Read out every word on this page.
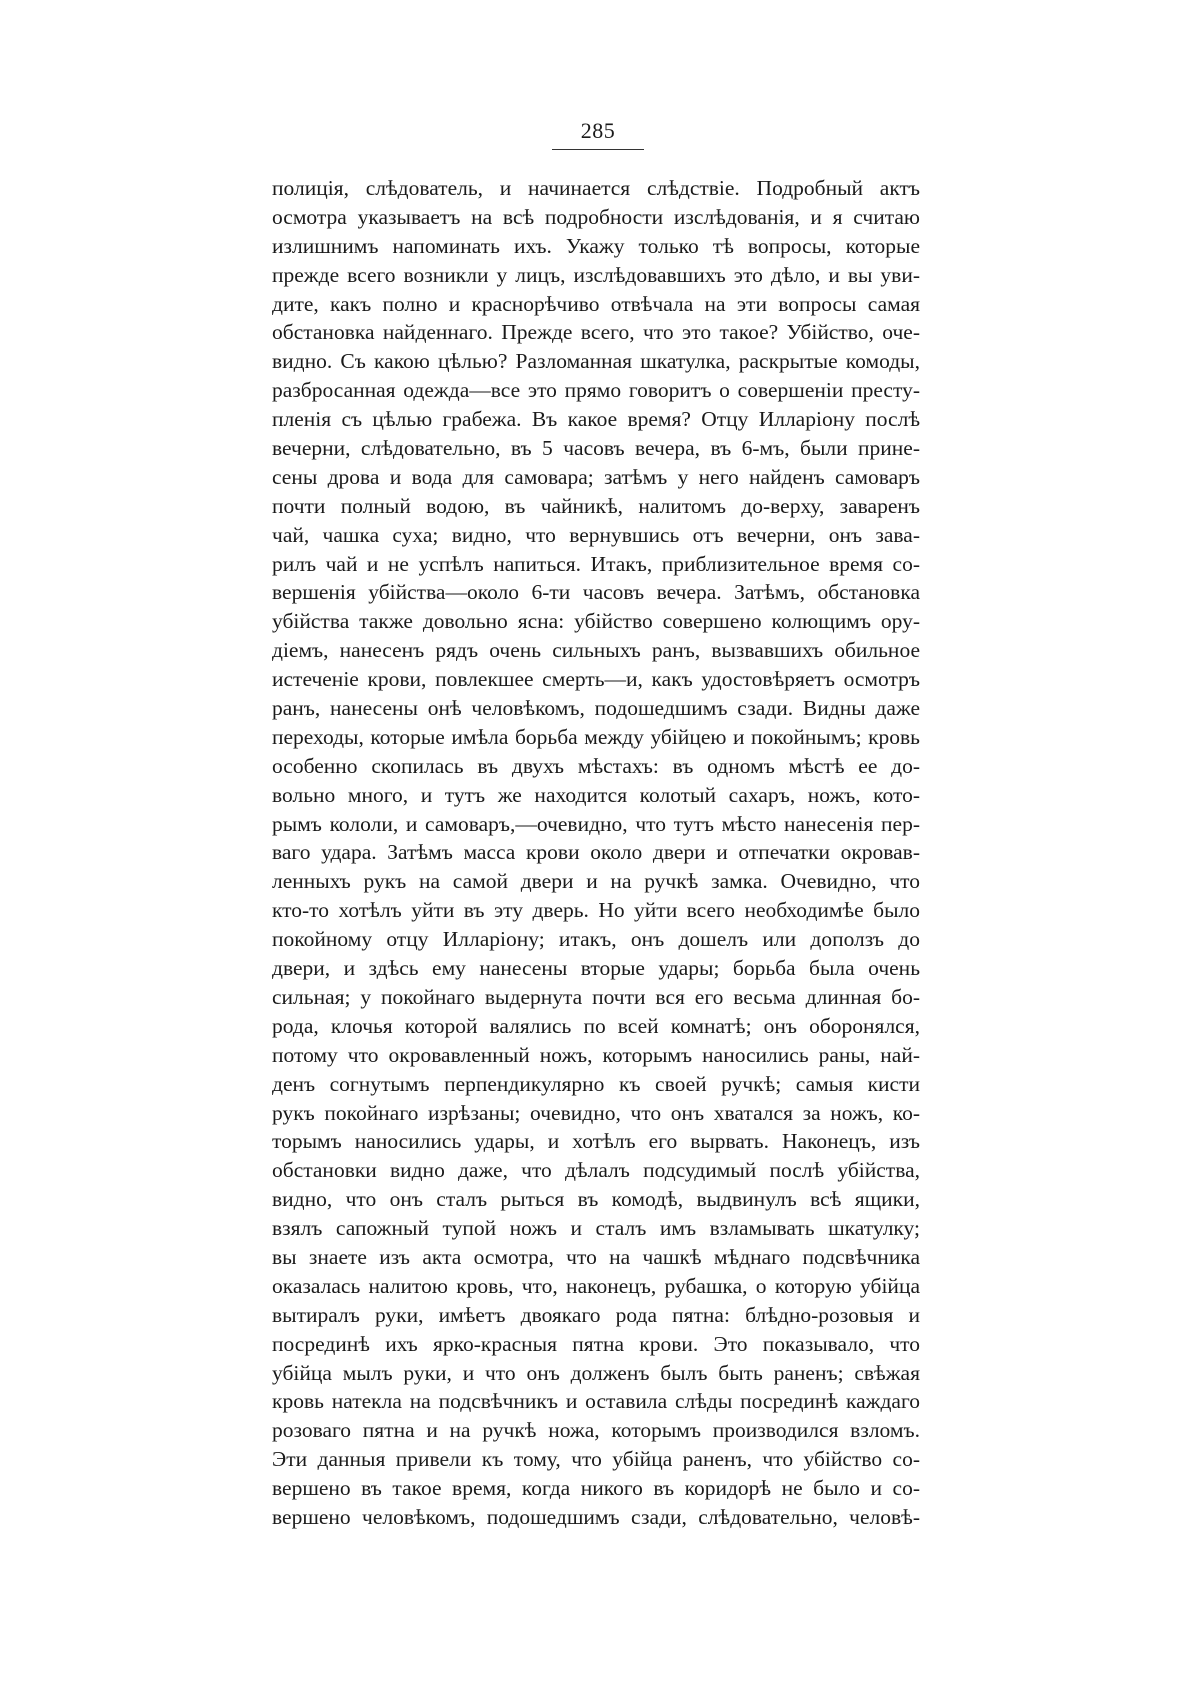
285
полиція, слѣдователь, и начинается слѣдствіе. Подробный актъ
осмотра указываетъ на всѣ подробности изслѣдованія, и я считаю
излишнимъ напоминать ихъ. Укажу только тѣ вопросы, которые
прежде всего возникли у лицъ, изслѣдовавшихъ это дѣло, и вы уви-
дите, какъ полно и краснорѣчиво отвѣчала на эти вопросы самая
обстановка найденнаго. Прежде всего, что это такое? Убійство, оче-
видно. Съ какою цѣлью? Разломанная шкатулка, раскрытые комоды,
разбросанная одежда—все это прямо говоритъ о совершеніи престу-
пленія съ цѣлью грабежа. Въ какое время? Отцу Илларіону послѣ
вечерни, слѣдовательно, въ 5 часовъ вечера, въ 6-мъ, были прине-
сены дрова и вода для самовара; затѣмъ у него найденъ самоваръ
почти полный водою, въ чайникѣ, налитомъ до-верху, заваренъ
чай, чашка суха; видно, что вернувшись отъ вечерни, онъ зава-
рилъ чай и не успѣлъ напиться. Итакъ, приблизительное время со-
вершенія убійства—около 6-ти часовъ вечера. Затѣмъ, обстановка
убійства также довольно ясна: убійство совершено колющимъ ору-
діемъ, нанесенъ рядъ очень сильныхъ ранъ, вызвавшихъ обильное
истеченіе крови, повлекшее смерть—и, какъ удостовѣряетъ осмотръ
ранъ, нанесены онѣ человѣкомъ, подошедшимъ сзади. Видны даже
переходы, которые имѣла борьба между убійцею и покойнымъ; кровь
особенно скопилась въ двухъ мѣстахъ: въ одномъ мѣстѣ ее до-
вольно много, и тутъ же находится колотый сахаръ, ножъ, кото-
рымъ кололи, и самоваръ,—очевидно, что тутъ мѣсто нанесенія пер-
ваго удара. Затѣмъ масса крови около двери и отпечатки окровав-
ленныхъ рукъ на самой двери и на ручкѣ замка. Очевидно, что
кто-то хотѣлъ уйти въ эту дверь. Но уйти всего необходимѣе было
покойному отцу Илларіону; итакъ, онъ дошелъ или доползъ до
двери, и здѣсь ему нанесены вторые удары; борьба была очень
сильная; у покойнаго выдернута почти вся его весьма длинная бо-
рода, клочья которой валялись по всей комнатѣ; онъ оборонялся,
потому что окровавленный ножъ, которымъ наносились раны, най-
денъ согнутымъ перпендикулярно къ своей ручкѣ; самыя кисти
рукъ покойнаго изрѣзаны; очевидно, что онъ хватался за ножъ, ко-
торымъ наносились удары, и хотѣлъ его вырвать. Наконецъ, изъ
обстановки видно даже, что дѣлалъ подсудимый послѣ убійства,
видно, что онъ сталъ рыться въ комодѣ, выдвинулъ всѣ ящики,
взялъ сапожный тупой ножъ и сталъ имъ взламывать шкатулку;
вы знаете изъ акта осмотра, что на чашкѣ мѣднаго подсвѣчника
оказалась налитою кровь, что, наконецъ, рубашка, о которую убійца
вытиралъ руки, имѣетъ двоякаго рода пятна: блѣдно-розовыя и
посрединѣ ихъ ярко-красныя пятна крови. Это показывало, что
убійца мылъ руки, и что онъ долженъ былъ быть раненъ; свѣжая
кровь натекла на подсвѣчникъ и оставила слѣды посрединѣ каждаго
розоваго пятна и на ручкѣ ножа, которымъ производился взломъ.
Эти данныя привели къ тому, что убійца раненъ, что убійство со-
вершено въ такое время, когда никого въ коридорѣ не было и со-
вершено человѣкомъ, подошедшимъ сзади, слѣдовательно, человѣ-
